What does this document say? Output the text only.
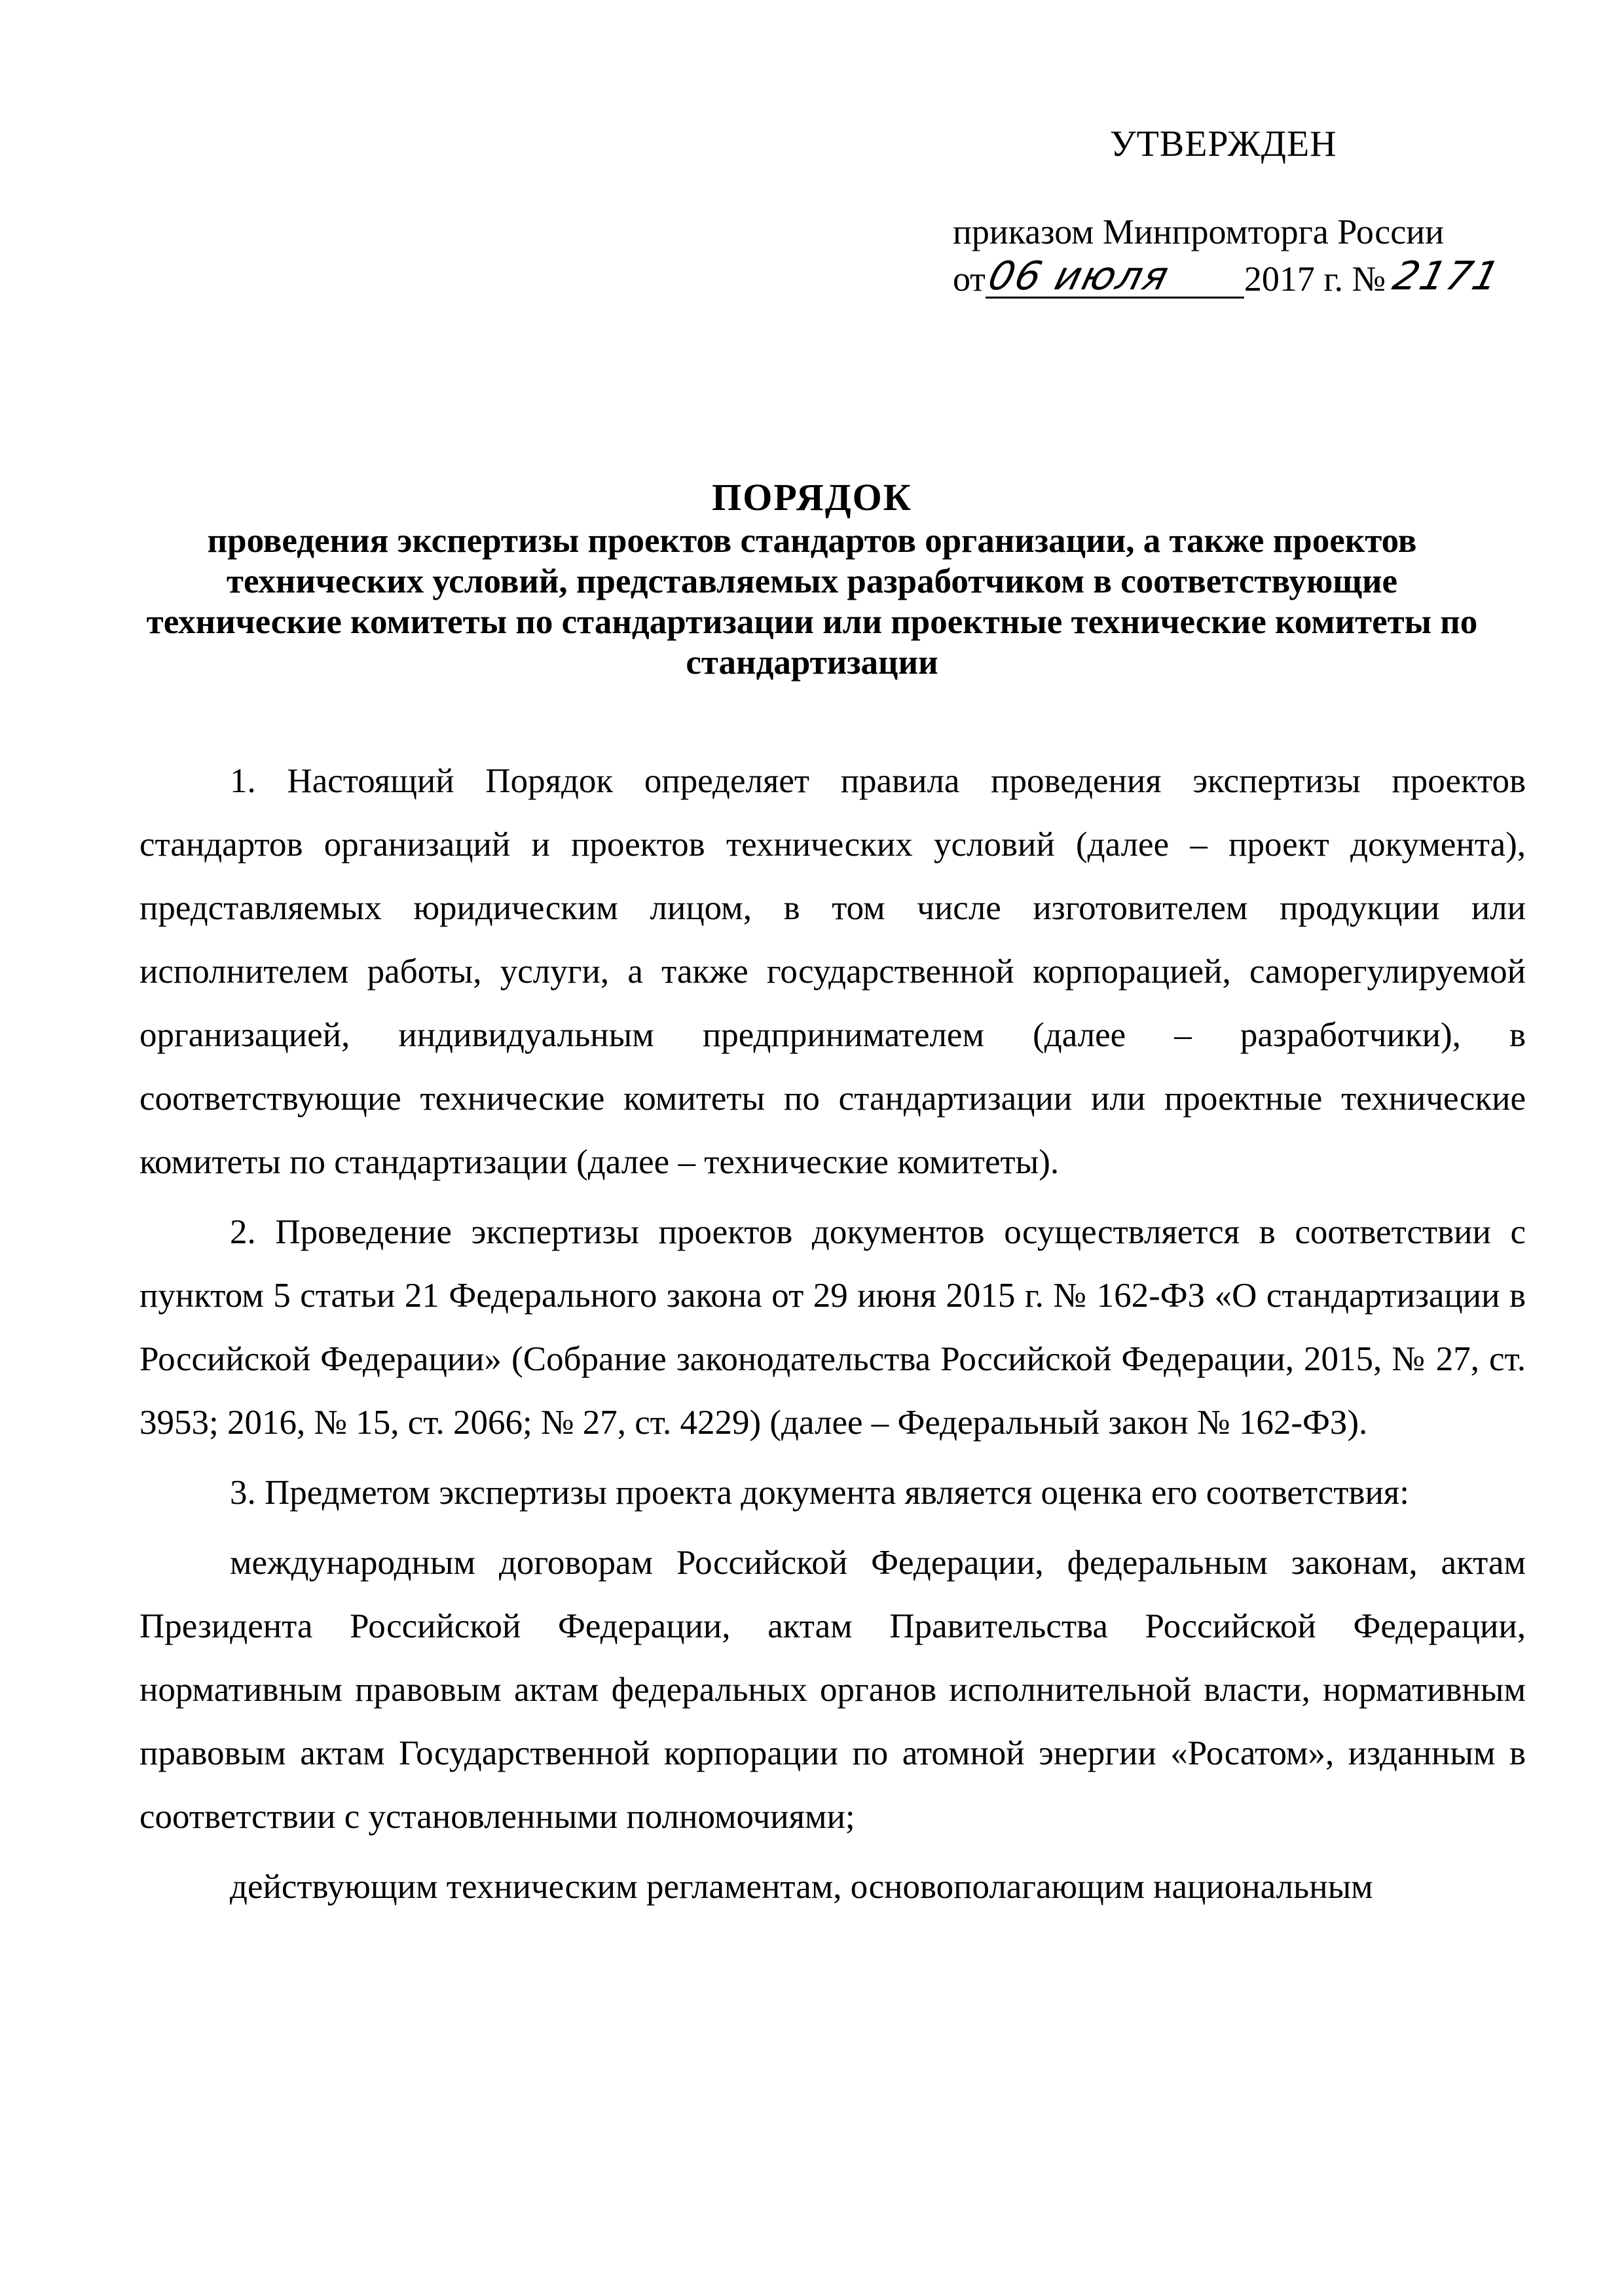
УТВЕРЖДЕН
приказом Минпромторга России
от06 июля 2017 г. № 2171
ПОРЯДОК
проведения экспертизы проектов стандартов организации, а также проектов технических условий, представляемых разработчиком в соответствующие технические комитеты по стандартизации или проектные технические комитеты по стандартизации

1. Настоящий Порядок определяет правила проведения экспертизы проектов стандартов организаций и проектов технических условий (далее – проект документа), представляемых юридическим лицом, в том числе изготовителем продукции или исполнителем работы, услуги, а также государственной корпорацией, саморегулируемой организацией, индивидуальным предпринимателем (далее – разработчики), в соответствующие технические комитеты по стандартизации или проектные технические комитеты по стандартизации (далее – технические комитеты).

2. Проведение экспертизы проектов документов осуществляется в соответствии с пунктом 5 статьи 21 Федерального закона от 29 июня 2015 г. № 162-ФЗ «О стандартизации в Российской Федерации» (Собрание законодательства Российской Федерации, 2015, № 27, ст. 3953; 2016, № 15, ст. 2066; № 27, ст. 4229) (далее – Федеральный закон № 162-ФЗ).

3. Предметом экспертизы проекта документа является оценка его соответствия:

международным договорам Российской Федерации, федеральным законам, актам Президента Российской Федерации, актам Правительства Российской Федерации, нормативным правовым актам федеральных органов исполнительной власти, нормативным правовым актам Государственной корпорации по атомной энергии «Росатом», изданным в соответствии с установленными полномочиями;

действующим техническим регламентам, основополагающим национальным
